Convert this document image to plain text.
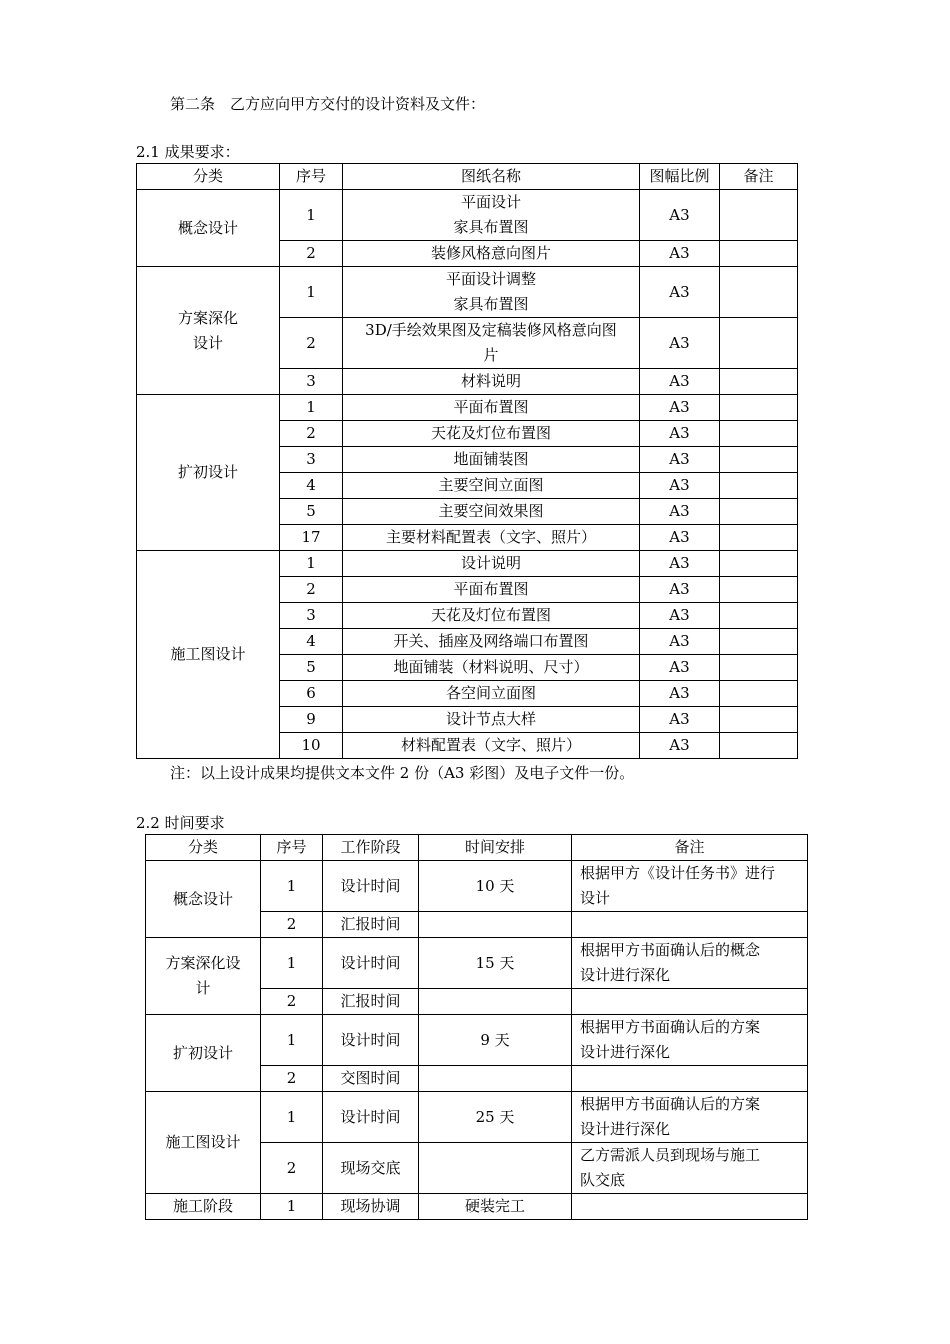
第二条　乙方应向甲方交付的设计资料及文件：
2.1 成果要求：
分类	序号	图纸名称	图幅比例	备注

概念设计	1	平面设计
家具布置图	A3	
	2	装修风格意向图片	A3	

方案深化
设计	1	平面设计调整
家具布置图	A3	
	2	3D/手绘效果图及定稿装修风格意向图
片	A3	
	3	材料说明	A3	

扩初设计	1	平面布置图	A3	
	2	天花及灯位布置图	A3	
	3	地面铺装图	A3	
	4	主要空间立面图	A3	
	5	主要空间效果图	A3	
	17	主要材料配置表（文字、照片）	A3	

施工图设计	1	设计说明	A3	
	2	平面布置图	A3	
	3	天花及灯位布置图	A3	
	4	开关、插座及网络端口布置图	A3	
	5	地面铺装（材料说明、尺寸）	A3	
	6	各空间立面图	A3	
	9	设计节点大样	A3	
	10	材料配置表（文字、照片）	A3	
注：以上设计成果均提供文本文件 2 份（A3 彩图）及电子文件一份。
2.2 时间要求
分类	序号	工作阶段	时间安排	备注

概念设计	1	设计时间	10 天	根据甲方《设计任务书》进行
设计

	2	汇报时间		

方案深化设
计	1	设计时间	15 天	根据甲方书面确认后的概念
设计进行深化

	2	汇报时间		

扩初设计	1	设计时间	9 天	根据甲方书面确认后的方案
设计进行深化

	2	交图时间		

施工图设计	1	设计时间	25 天	根据甲方书面确认后的方案
设计进行深化

	2	现场交底		乙方需派人员到现场与施工
队交底

施工阶段	1	现场协调	硬装完工	
